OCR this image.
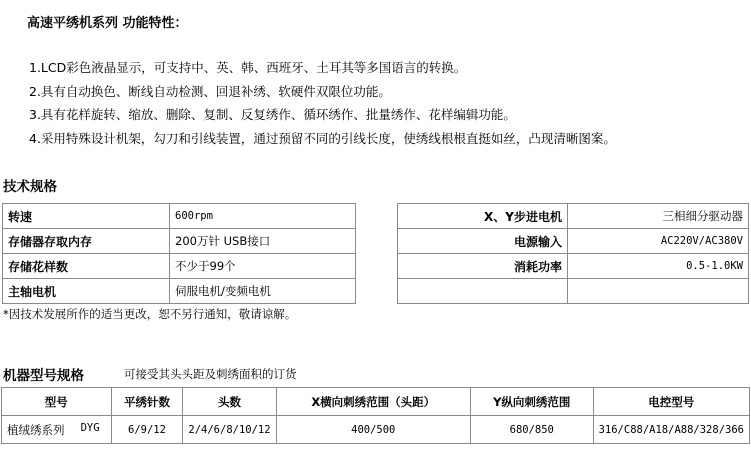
高速平绣机系列 功能特性：
1.LCD彩色液晶显示，可支持中、英、韩、西班牙、土耳其等多国语言的转换。
2.具有自动换色、断线自动检测、回退补绣、软硬件双限位功能。
3.具有花样旋转、缩放、删除、复制、反复绣作、循环绣作、批量绣作、花样编辑功能。
4.采用特殊设计机架，勾刀和引线装置，通过预留不同的引线长度，使绣线根根直挺如丝，凸现清晰图案。
技术规格
转速	600rpm
存储器存取内存	200万针 USB接口
存储花样数	不少于99个
主轴电机	伺服电机/变频电机
X、Y步进电机	三相细分驱动器
电源输入	AC220V/AC380V
消耗功率	0.5-1.0KW

*因技术发展所作的适当更改，恕不另行通知，敬请谅解。
机器型号规格	可接受其头头距及刺绣面积的订货
型号	平绣针数	头数	X横向刺绣范围（头距）	Y纵向刺绣范围	电控型号
植绒绣系列 DYG	6/9/12	2/4/6/8/10/12	400/500	680/850	316/C88/A18/A88/328/366
